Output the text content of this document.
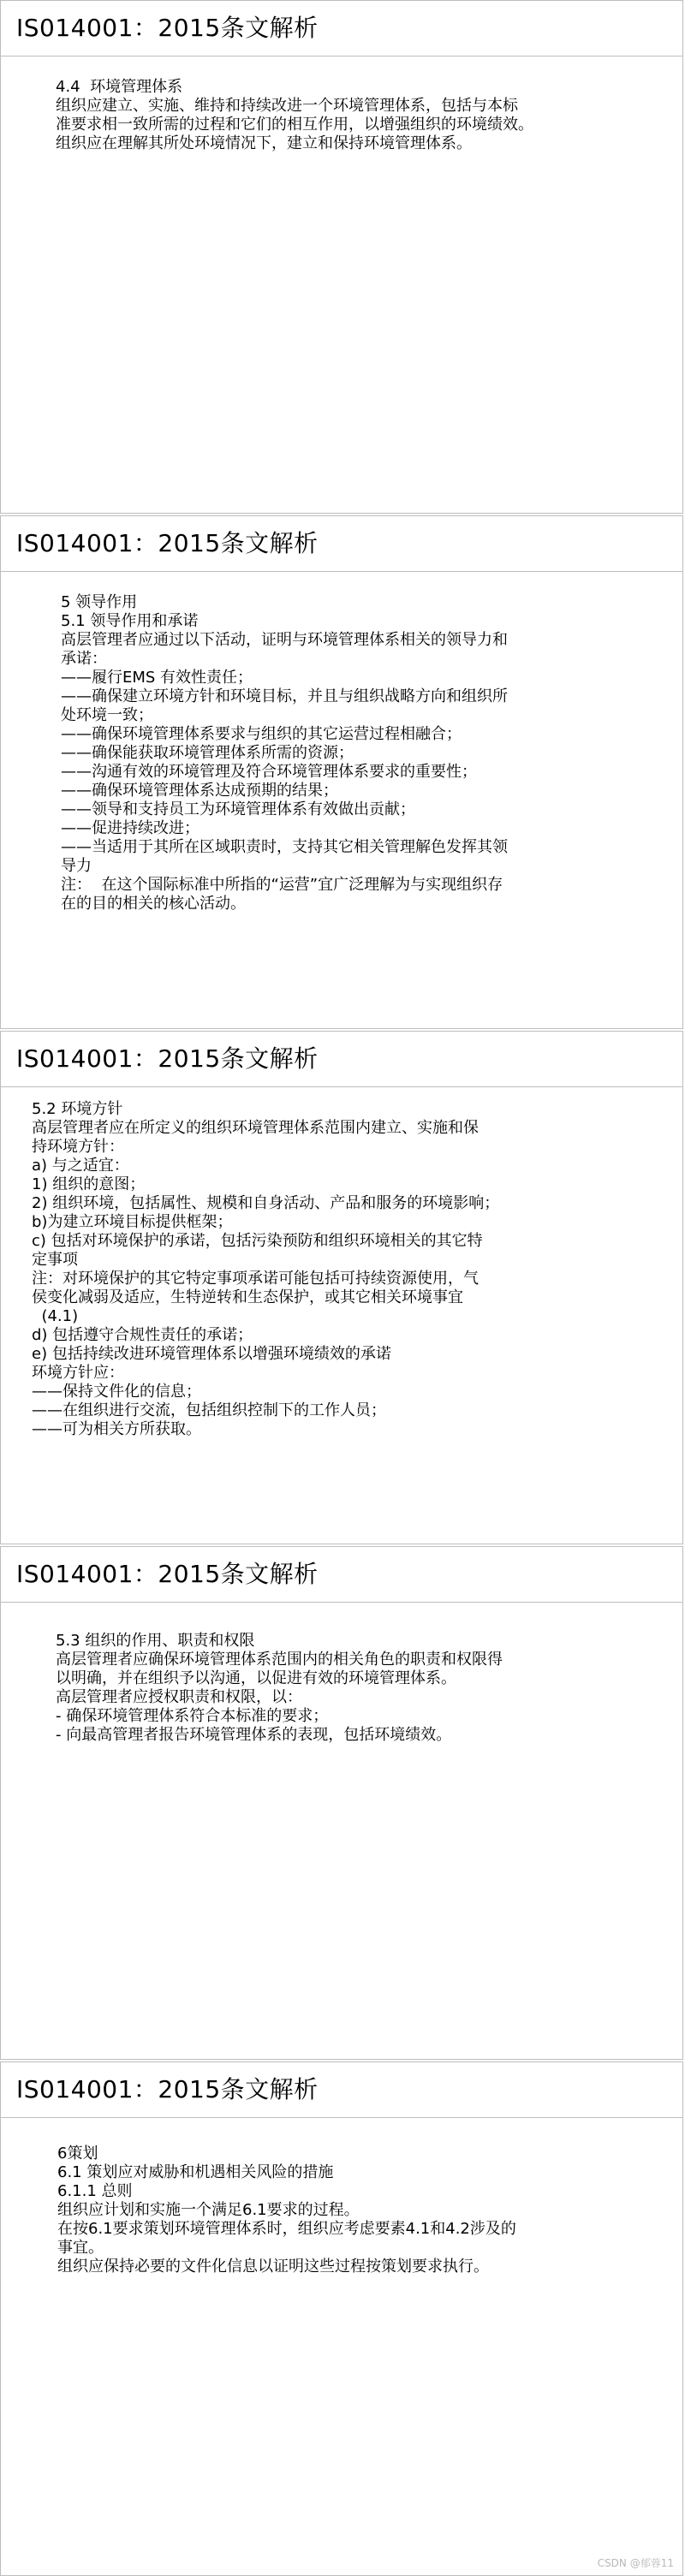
IS014001：2015条文解析
4.4  环境管理体系
组织应建立、实施、维持和持续改进一个环境管理体系，包括与本标
准要求相一致所需的过程和它们的相互作用，以增强组织的环境绩效。
组织应在理解其所处环境情况下，建立和保持环境管理体系。
IS014001：2015条文解析
5 领导作用
5.1 领导作用和承诺
高层管理者应通过以下活动，证明与环境管理体系相关的领导力和
承诺：
——履行EMS 有效性责任；
——确保建立环境方针和环境目标，并且与组织战略方向和组织所
处环境一致；
——确保环境管理体系要求与组织的其它运营过程相融合；
——确保能获取环境管理体系所需的资源；
——沟通有效的环境管理及符合环境管理体系要求的重要性；
——确保环境管理体系达成预期的结果；
——领导和支持员工为环境管理体系有效做出贡献；
——促进持续改进；
——当适用于其所在区域职责时，支持其它相关管理解色发挥其领
导力
注：  在这个国际标准中所指的“运营”宜广泛理解为与实现组织存
在的目的相关的核心活动。
IS014001：2015条文解析
5.2 环境方针
高层管理者应在所定义的组织环境管理体系范围内建立、实施和保
持环境方针：
a) 与之适宜：
1) 组织的意图；
2) 组织环境，包括属性、规模和自身活动、产品和服务的环境影响；
b)为建立环境目标提供框架；
c) 包括对环境保护的承诺，包括污染预防和组织环境相关的其它特
定事项
注：对环境保护的其它特定事项承诺可能包括可持续资源使用，气
侯变化减弱及适应，生特逆转和生态保护，或其它相关环境事宜
(4.1)
d) 包括遵守合规性责任的承诺；
e) 包括持续改进环境管理体系以增强环境绩效的承诺
环境方针应：
——保持文件化的信息；
——在组织进行交流，包括组织控制下的工作人员；
——可为相关方所获取。
IS014001：2015条文解析
5.3 组织的作用、职责和权限
高层管理者应确保环境管理体系范围内的相关角色的职责和权限得
以明确，并在组织予以沟通，以促进有效的环境管理体系。
高层管理者应授权职责和权限，以：
- 确保环境管理体系符合本标准的要求；
- 向最高管理者报告环境管理体系的表现，包括环境绩效。
IS014001：2015条文解析
6策划
6.1 策划应对威胁和机遇相关风险的措施
6.1.1 总则
组织应计划和实施一个满足6.1要求的过程。
在按6.1要求策划环境管理体系时，组织应考虑要素4.1和4.2涉及的
事宜。
组织应保持必要的文件化信息以证明这些过程按策划要求执行。
CSDN @郁蓉11
